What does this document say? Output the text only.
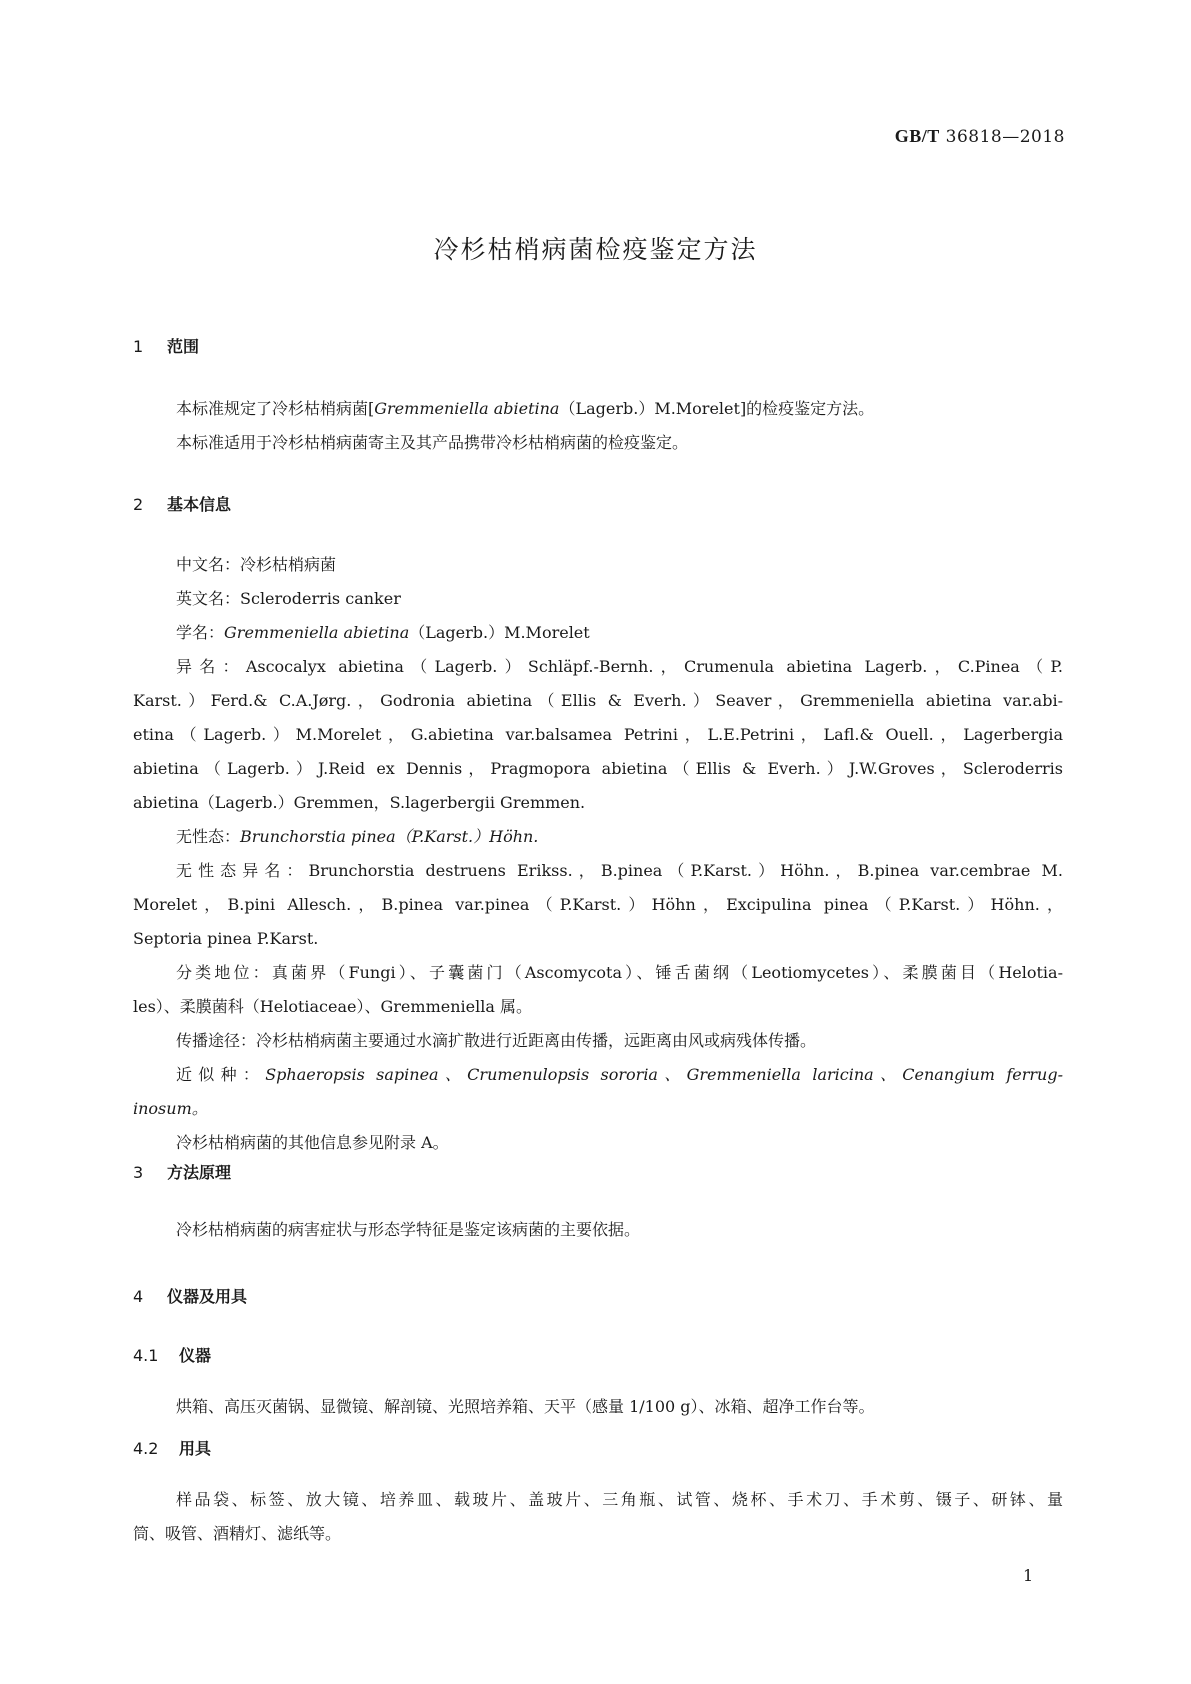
GB/T 36818—2018
冷杉枯梢病菌检疫鉴定方法
1 范围
本标准规定了冷杉枯梢病菌[Gremmeniella abietina（Lagerb.）M.Morelet]的检疫鉴定方法。
本标准适用于冷杉枯梢病菌寄主及其产品携带冷杉枯梢病菌的检疫鉴定。
2 基本信息
中文名：冷杉枯梢病菌
英文名：Scleroderris canker
学名：Gremmeniella abietina（Lagerb.）M.Morelet
异名：Ascocalyx abietina（Lagerb.）Schläpf.-Bernh.，Crumenula abietina Lagerb.，C.Pinea（P.
Karst.）Ferd.& C.A.Jørg.，Godronia abietina（Ellis & Everh.）Seaver，Gremmeniella abietina var.abi-
etina（Lagerb.）M.Morelet，G.abietina var.balsamea Petrini，L.E.Petrini，Lafl.& Ouell.，Lagerbergia
abietina（Lagerb.）J.Reid ex Dennis，Pragmopora abietina（Ellis & Everh.）J.W.Groves，Scleroderris
abietina（Lagerb.）Gremmen，S.lagerbergii Gremmen.
无性态：Brunchorstia pinea（P.Karst.）Höhn.
无性态异名：Brunchorstia destruens Erikss.，B.pinea（P.Karst.）Höhn.，B.pinea var.cembrae M.
Morelet，B.pini Allesch.，B.pinea var.pinea（P.Karst.）Höhn，Excipulina pinea（P.Karst.）Höhn.，
Septoria pinea P.Karst.
分类地位：真菌界（Fungi）、子囊菌门（Ascomycota）、锤舌菌纲（Leotiomycetes）、柔膜菌目（Helotia-
les）、柔膜菌科（Helotiaceae）、Gremmeniella 属。
传播途径：冷杉枯梢病菌主要通过水滴扩散进行近距离由传播，远距离由风或病残体传播。
近似种：Sphaeropsis sapinea、Crumenulopsis sororia、Gremmeniella laricina、Cenangium ferrug-
inosum。
冷杉枯梢病菌的其他信息参见附录 A。
3 方法原理
冷杉枯梢病菌的病害症状与形态学特征是鉴定该病菌的主要依据。
4 仪器及用具
4.1 仪器
烘箱、高压灭菌锅、显微镜、解剖镜、光照培养箱、天平（感量 1/100 g）、冰箱、超净工作台等。
4.2 用具
样品袋、标签、放大镜、培养皿、载玻片、盖玻片、三角瓶、试管、烧杯、手术刀、手术剪、镊子、研钵、量
筒、吸管、酒精灯、滤纸等。
1
